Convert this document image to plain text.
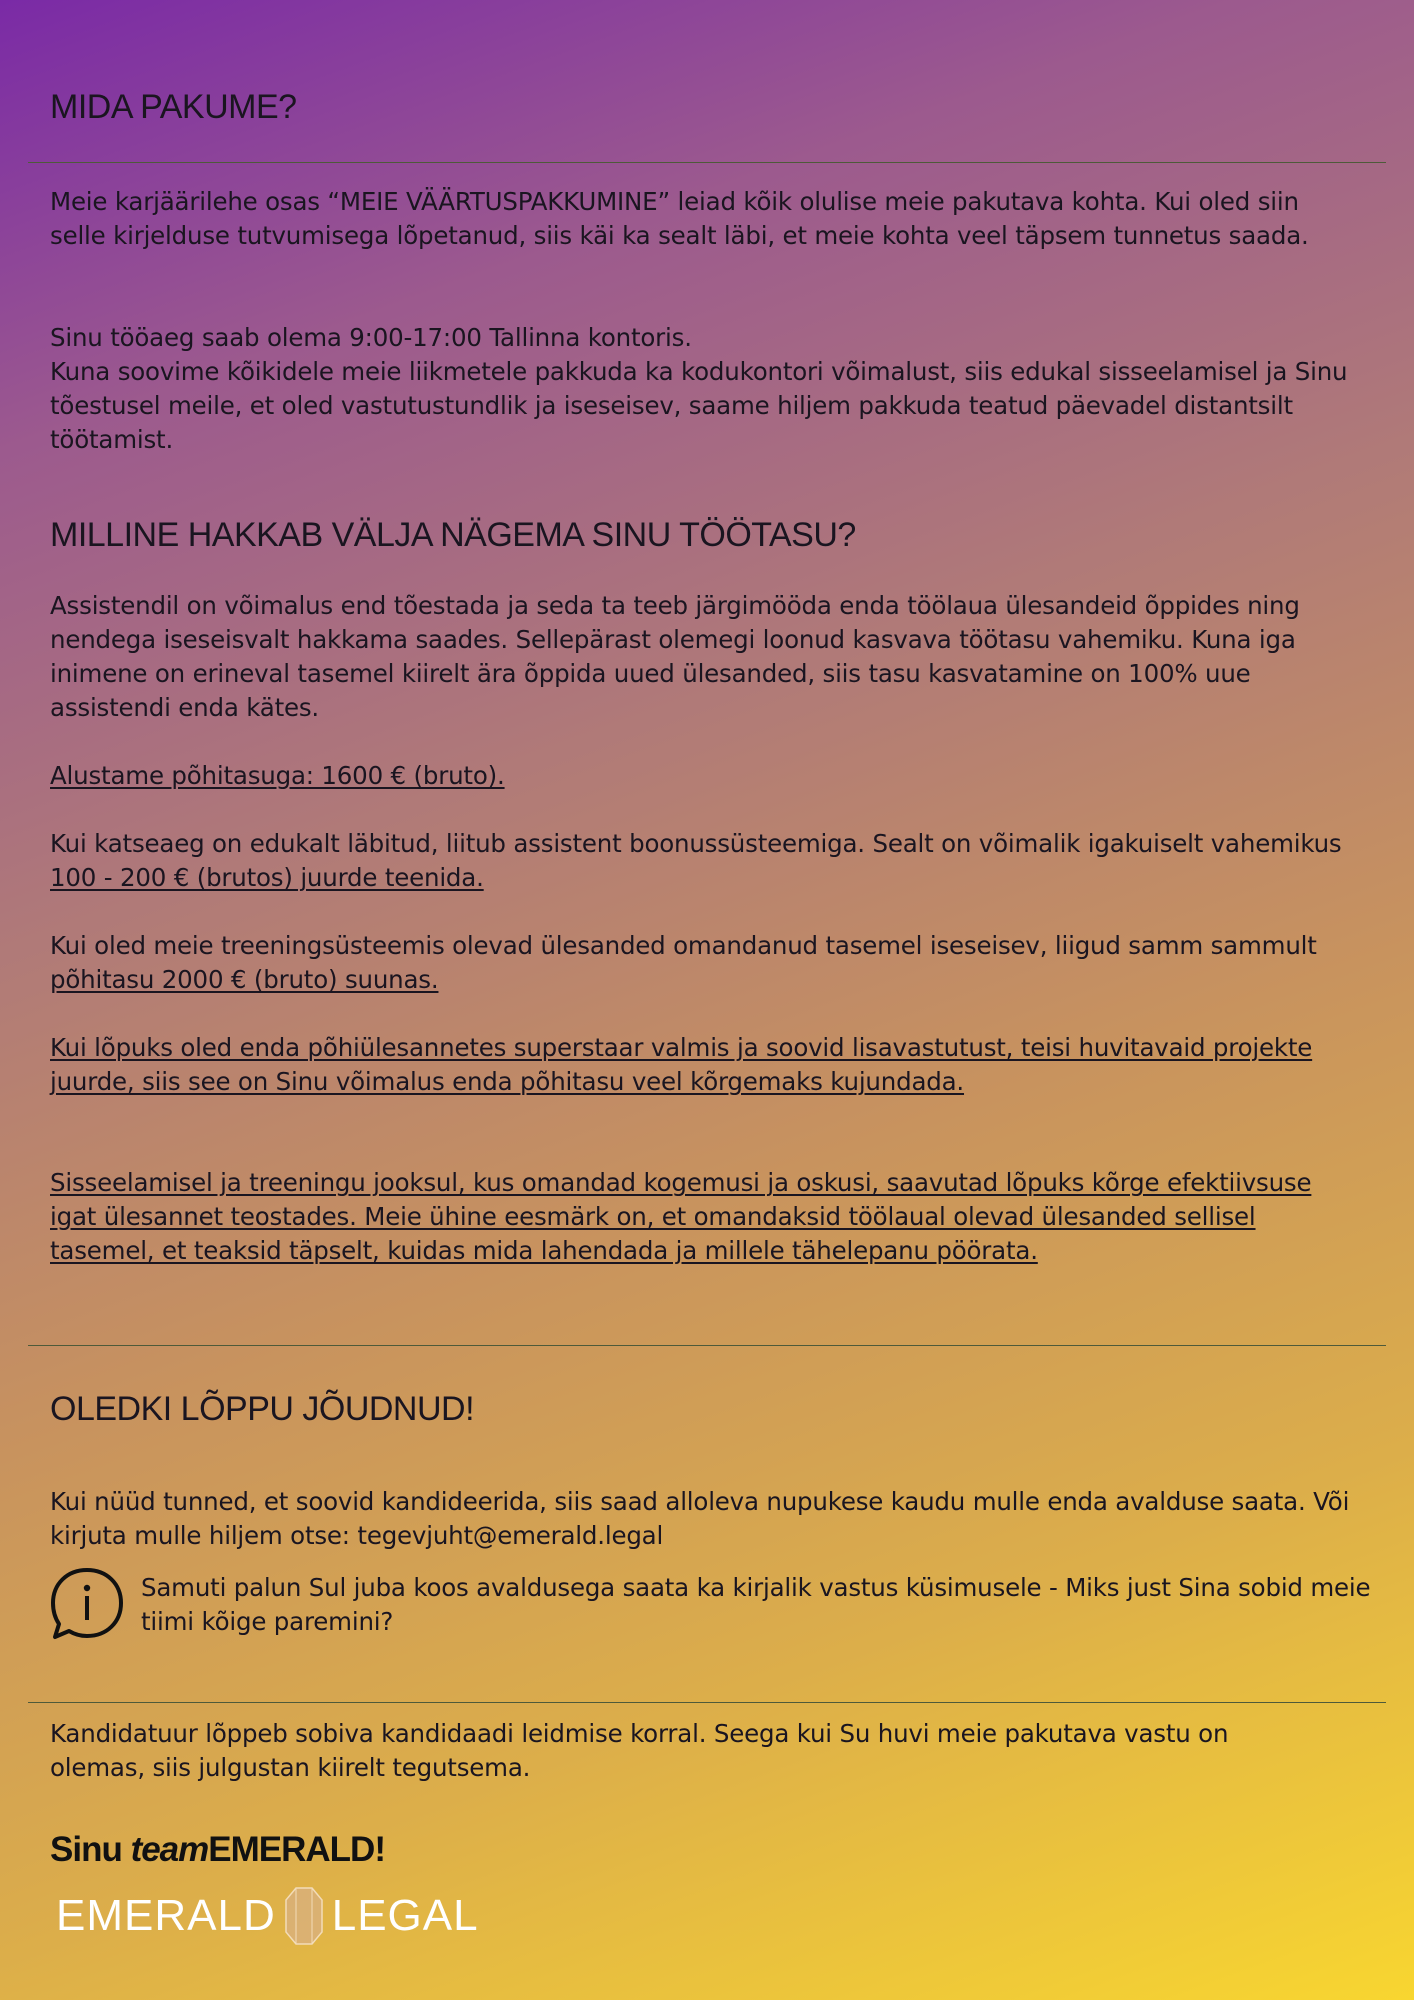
MIDA PAKUME?

Meie karjäärilehe osas “MEIE VÄÄRTUSPAKKUMINE” leiad kõik olulise meie pakutava kohta. Kui oled siin selle kirjelduse tutvumisega lõpetanud, siis käi ka sealt läbi, et meie kohta veel täpsem tunnetus saada.

Sinu tööaeg saab olema 9:00-17:00 Tallinna kontoris.

Kuna soovime kõikidele meie liikmetele pakkuda ka kodukontori võimalust, siis edukal sisseelamisel ja Sinu tõestusel meile, et oled vastutustundlik ja iseseisev, saame hiljem pakkuda teatud päevadel distantsilt töötamist.

MILLINE HAKKAB VÄLJA NÄGEMA SINU TÖÖTASU?

Assistendil on võimalus end tõestada ja seda ta teeb järgimööda enda töölaua ülesandeid õppides ning nendega iseseisvalt hakkama saades. Sellepärast olemegi loonud kasvava töötasu vahemiku. Kuna iga inimene on erineval tasemel kiirelt ära õppida uued ülesanded, siis tasu kasvatamine on 100% uue assistendi enda kätes.

Alustame põhitasuga: 1600 € (bruto).

Kui katseaeg on edukalt läbitud, liitub assistent boonussüsteemiga. Sealt on võimalik igakuiselt vahemikus 100 - 200 € (brutos) juurde teenida.

Kui oled meie treeningsüsteemis olevad ülesanded omandanud tasemel iseseisev, liigud samm sammult põhitasu 2000 € (bruto) suunas.

Kui lõpuks oled enda põhiülesannetes superstaar valmis ja soovid lisavastutust, teisi huvitavaid projekte juurde, siis see on Sinu võimalus enda põhitasu veel kõrgemaks kujundada.

Sisseelamisel ja treeningu jooksul, kus omandad kogemusi ja oskusi, saavutad lõpuks kõrge efektiivsuse igat ülesannet teostades. Meie ühine eesmärk on, et omandaksid töölaual olevad ülesanded sellisel tasemel, et teaksid täpselt, kuidas mida lahendada ja millele tähelepanu pöörata.

OLEDKI LÕPPU JÕUDNUD!

Kui nüüd tunned, et soovid kandideerida, siis saad alloleva nupukese kaudu mulle enda avalduse saata. Või kirjuta mulle hiljem otse: tegevjuht@emerald.legal

Samuti palun Sul juba koos avaldusega saata ka kirjalik vastus küsimusele - Miks just Sina sobid meie tiimi kõige paremini?

Kandidatuur lõppeb sobiva kandidaadi leidmise korral. Seega kui Su huvi meie pakutava vastu on olemas, siis julgustan kiirelt tegutsema.

Sinu teamEMERALD!

EMERALD LEGAL
